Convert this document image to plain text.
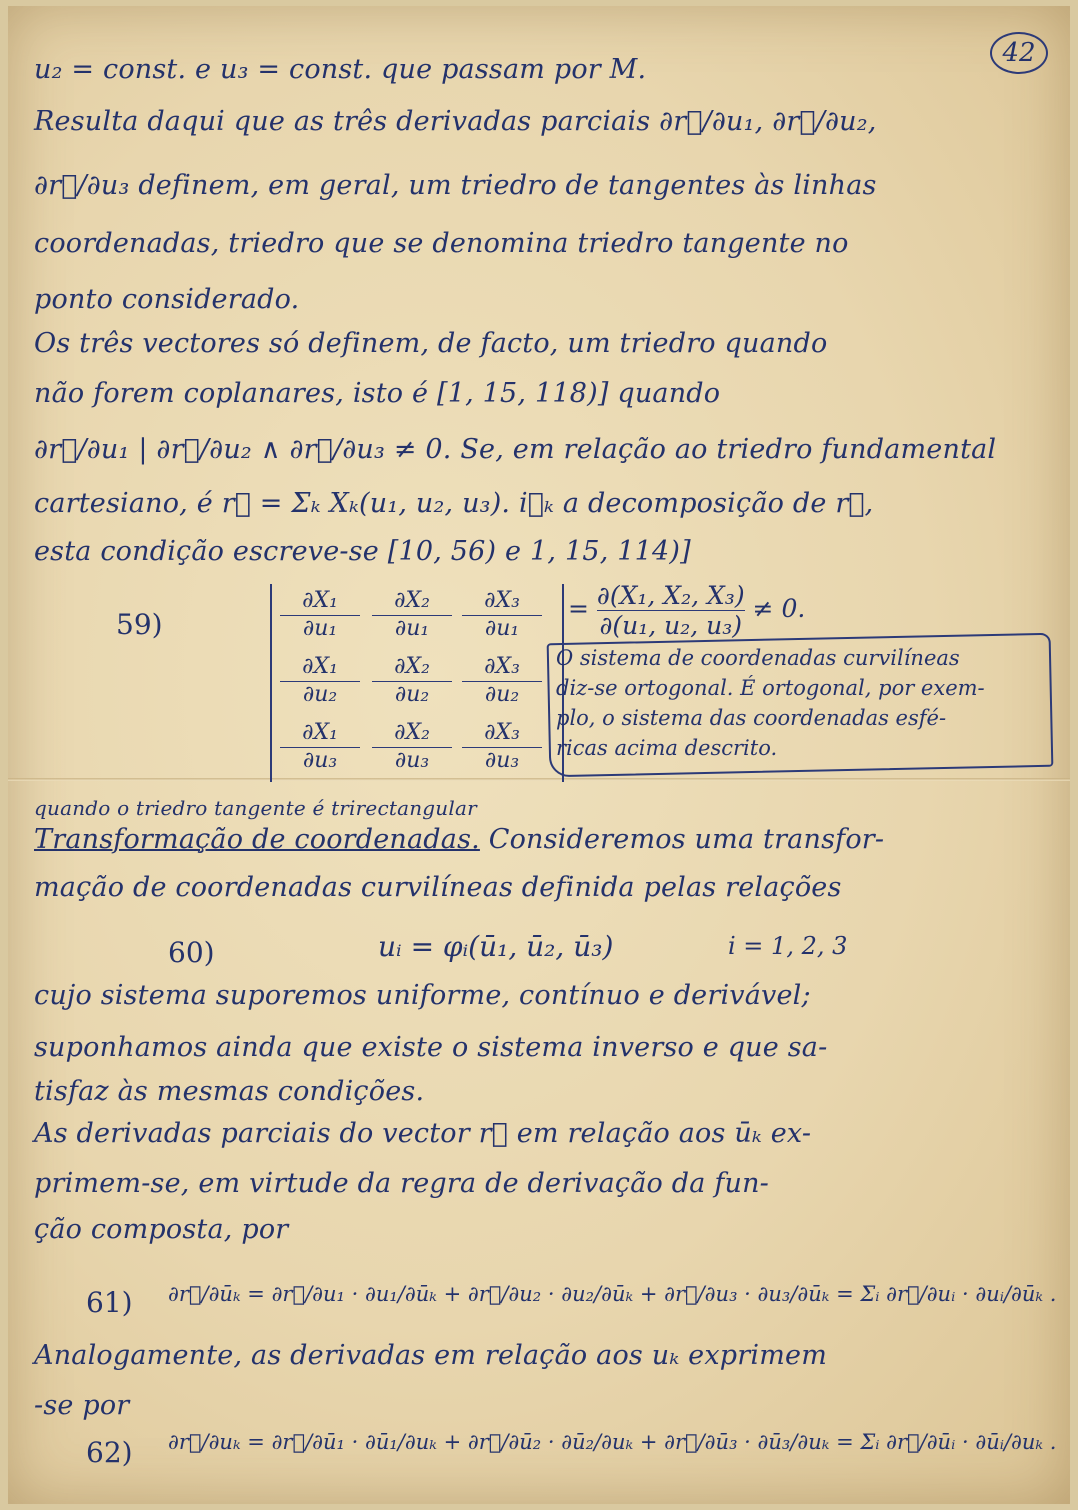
42
u₂ = const. e u₃ = const. que passam por M.
Resulta daqui que as três derivadas parciais ∂r⃗/∂u₁, ∂r⃗/∂u₂,
∂r⃗/∂u₃ definem, em geral, um triedro de tangentes às linhas
coordenadas, triedro que se denomina triedro tangente no
ponto considerado.
Os três vectores só definem, de facto, um triedro quando
não forem coplanares, isto é [1, 15, 118)] quando
∂r⃗/∂u₁ | ∂r⃗/∂u₂ ∧ ∂r⃗/∂u₃ ≠ 0. Se, em relação ao triedro fundamental
cartesiano, é r⃗ = Σₖ Xₖ(u₁, u₂, u₃). i⃗ₖ a decomposição de r⃗,
esta condição escreve-se [10, 56) e 1, 15, 114)]
59)
∂X₁
∂u₁
∂X₂
∂u₁
∂X₃
∂u₁
∂X₁
∂u₂
∂X₂
∂u₂
∂X₃
∂u₂
∂X₁
∂u₃
∂X₂
∂u₃
∂X₃
∂u₃
= $\frac{\text{∂(X₁, X₂, X₃)}}{\text{∂(u₁, u₂, u₃)}} \ne 0$.
O sistema de coordenadas curvilíneas
diz-se ortogonal. É ortogonal, por exem-
plo, o sistema das coordenadas esfé-
ricas acima descrito.
quando o triedro tangente é trirectangular
Transformação de coordenadas. Consideremos uma transfor-
mação de coordenadas curvilíneas definida pelas relações
60)	uᵢ = φᵢ(ū₁, ū₂, ū₃)	i = 1, 2, 3
cujo sistema suporemos uniforme, contínuo e derivável;
suponhamos ainda que existe o sistema inverso e que sa-
tisfaz às mesmas condições.
As derivadas parciais do vector r⃗ em relação aos ūₖ ex-
primem-se, em virtude da regra de derivação da fun-
ção composta, por
61) ∂r⃗/∂ūₖ = ∂r⃗/∂u₁ · ∂u₁/∂ūₖ + ∂r⃗/∂u₂ · ∂u₂/∂ūₖ + ∂r⃗/∂u₃ · ∂u₃/∂ūₖ = Σᵢ ∂r⃗/∂uᵢ · ∂uᵢ/∂ūₖ .
Analogamente, as derivadas em relação aos uₖ exprimem
-se por
62) ∂r⃗/∂uₖ = ∂r⃗/∂ū₁ · ∂ū₁/∂uₖ + ∂r⃗/∂ū₂ · ∂ū₂/∂uₖ + ∂r⃗/∂ū₃ · ∂ū₃/∂uₖ = Σᵢ ∂r⃗/∂ūᵢ · ∂ūᵢ/∂uₖ .
